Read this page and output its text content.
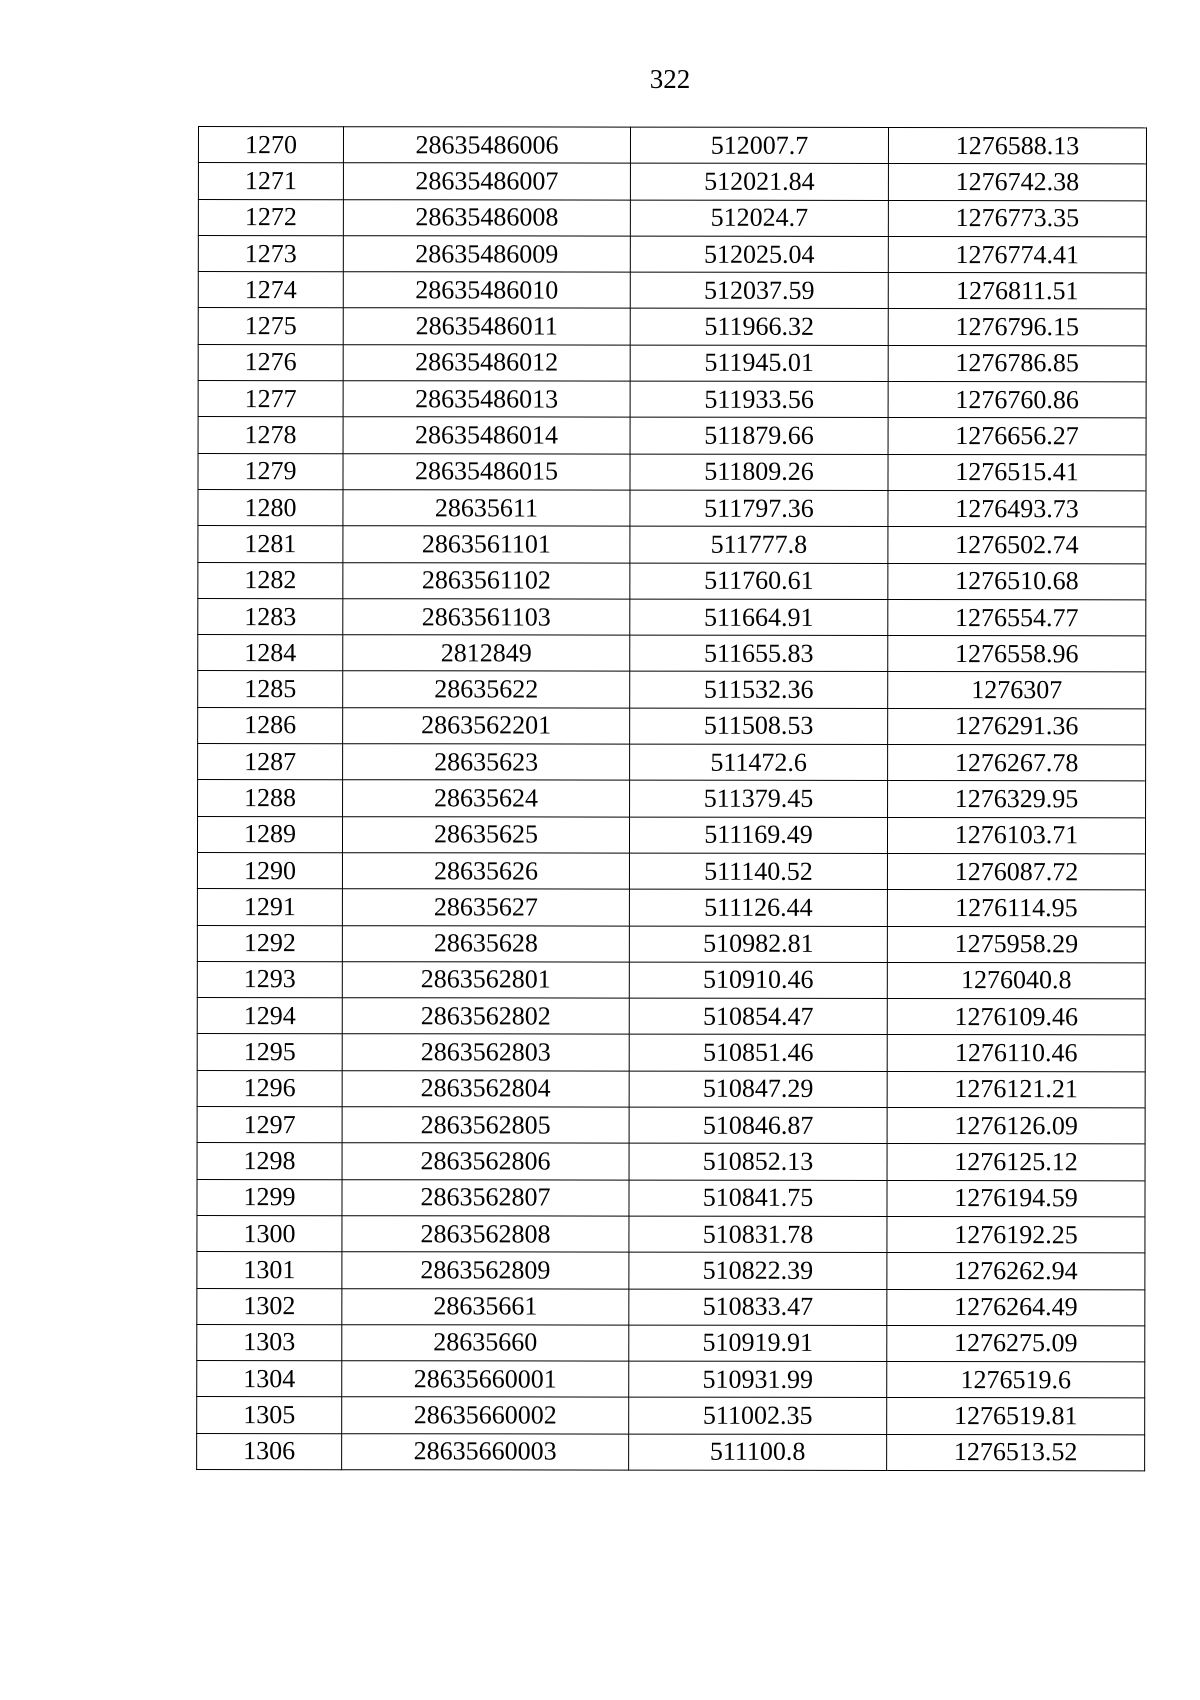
322
1270	28635486006	512007.7	1276588.13
1271	28635486007	512021.84	1276742.38
1272	28635486008	512024.7	1276773.35
1273	28635486009	512025.04	1276774.41
1274	28635486010	512037.59	1276811.51
1275	28635486011	511966.32	1276796.15
1276	28635486012	511945.01	1276786.85
1277	28635486013	511933.56	1276760.86
1278	28635486014	511879.66	1276656.27
1279	28635486015	511809.26	1276515.41
1280	28635611	511797.36	1276493.73
1281	2863561101	511777.8	1276502.74
1282	2863561102	511760.61	1276510.68
1283	2863561103	511664.91	1276554.77
1284	2812849	511655.83	1276558.96
1285	28635622	511532.36	1276307
1286	2863562201	511508.53	1276291.36
1287	28635623	511472.6	1276267.78
1288	28635624	511379.45	1276329.95
1289	28635625	511169.49	1276103.71
1290	28635626	511140.52	1276087.72
1291	28635627	511126.44	1276114.95
1292	28635628	510982.81	1275958.29
1293	2863562801	510910.46	1276040.8
1294	2863562802	510854.47	1276109.46
1295	2863562803	510851.46	1276110.46
1296	2863562804	510847.29	1276121.21
1297	2863562805	510846.87	1276126.09
1298	2863562806	510852.13	1276125.12
1299	2863562807	510841.75	1276194.59
1300	2863562808	510831.78	1276192.25
1301	2863562809	510822.39	1276262.94
1302	28635661	510833.47	1276264.49
1303	28635660	510919.91	1276275.09
1304	28635660001	510931.99	1276519.6
1305	28635660002	511002.35	1276519.81
1306	28635660003	511100.8	1276513.52
